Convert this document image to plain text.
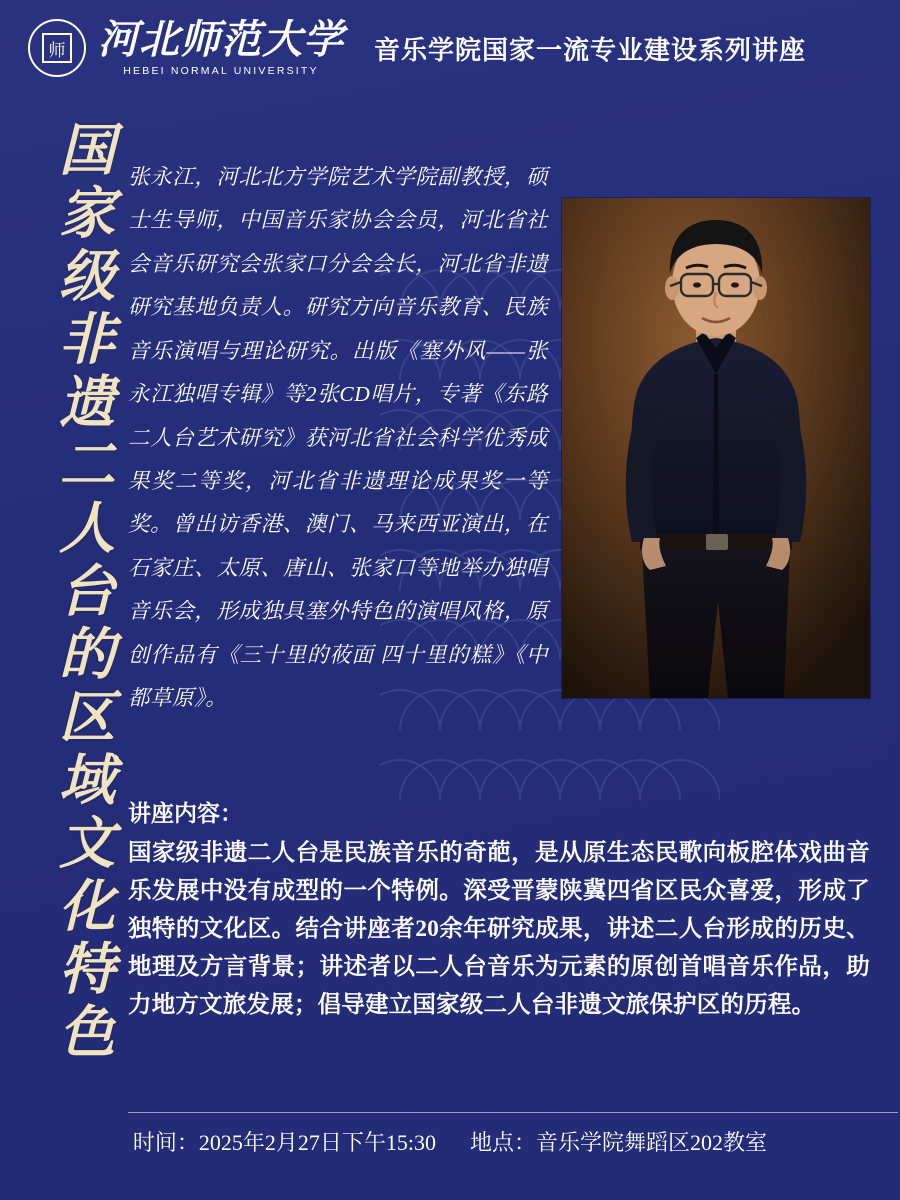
师 河北师范大学
HEBEI NORMAL UNIVERSITY
音乐学院国家一流专业建设系列讲座
国家级非遗二人台的区域文化特色 张永江，河北北方学院艺术学院副教授，硕士生导师，中国音乐家协会会员，河北省社会音乐研究会张家口分会会长，河北省非遗研究基地负责人。研究方向音乐教育、民族音乐演唱与理论研究。出版《塞外风——张永江独唱专辑》等2张CD唱片，专著《东路二人台艺术研究》获河北省社会科学优秀成果奖二等奖，河北省非遗理论成果奖一等奖。曾出访香港、澳门、马来西亚演出，在石家庄、太原、唐山、张家口等地举办独唱音乐会，形成独具塞外特色的演唱风格，原创作品有《三十里的莜面 四十里的糕》《中都草原》。
讲座内容：
国家级非遗二人台是民族音乐的奇葩，是从原生态民歌向板腔体戏曲音乐发展中没有成型的一个特例。深受晋蒙陕冀四省区民众喜爱，形成了独特的文化区。结合讲座者20余年研究成果，讲述二人台形成的历史、地理及方言背景；讲述者以二人台音乐为元素的原创首唱音乐作品，助力地方文旅发展；倡导建立国家级二人台非遗文旅保护区的历程。
时间：2025年2月27日下午15:30 地点：音乐学院舞蹈区202教室
